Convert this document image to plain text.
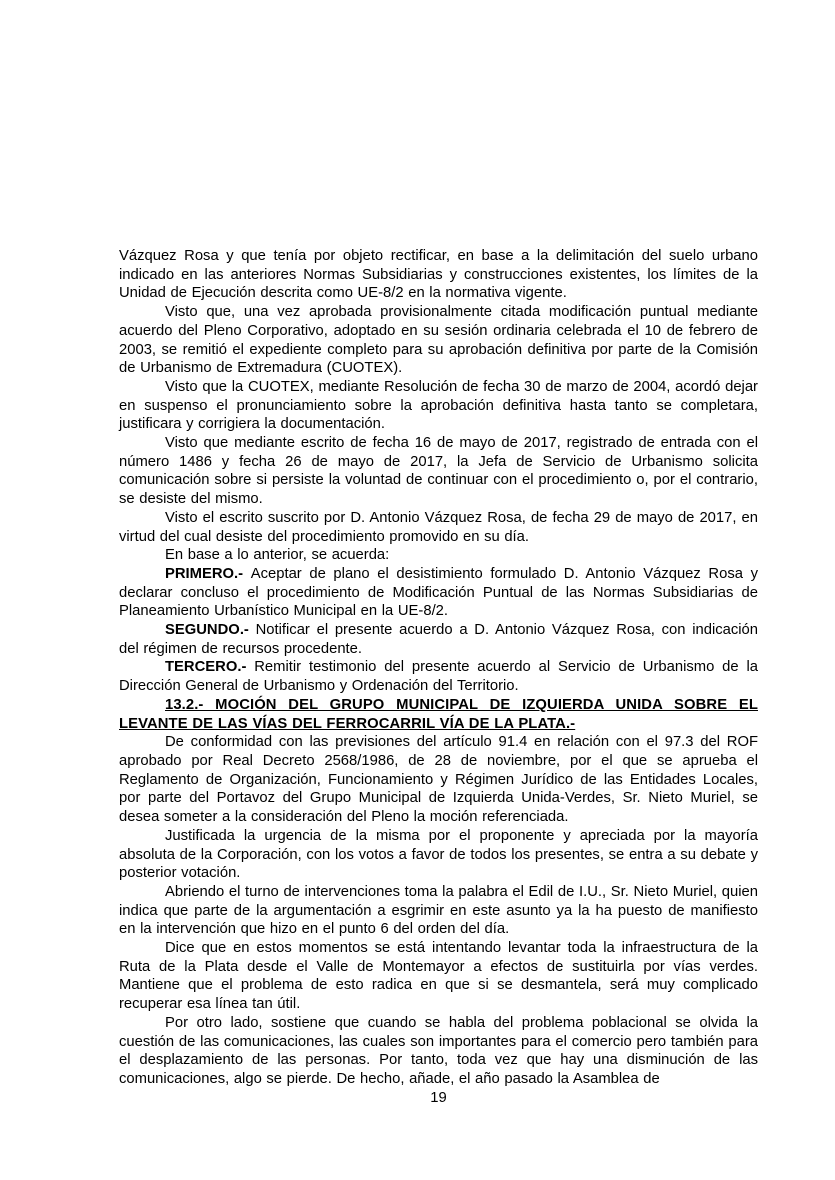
Vázquez Rosa y que tenía por objeto rectificar, en base a la delimitación del suelo urbano indicado en las anteriores Normas Subsidiarias y construcciones existentes, los límites de la Unidad de Ejecución descrita como UE-8/2 en la normativa vigente.

Visto que, una vez aprobada provisionalmente citada modificación puntual mediante acuerdo del Pleno Corporativo, adoptado en su sesión ordinaria celebrada el 10 de febrero de 2003, se remitió el expediente completo para su aprobación definitiva por parte de la Comisión de Urbanismo de Extremadura (CUOTEX).

Visto que la CUOTEX, mediante Resolución de fecha 30 de marzo de 2004, acordó dejar en suspenso el pronunciamiento sobre la aprobación definitiva hasta tanto se completara, justificara y corrigiera la documentación.

Visto que mediante escrito de fecha 16 de mayo de 2017, registrado de entrada con el número 1486 y fecha 26 de mayo de 2017, la Jefa de Servicio de Urbanismo solicita comunicación sobre si persiste la voluntad de continuar con el procedimiento o, por el contrario, se desiste del mismo.

Visto el escrito suscrito por D. Antonio Vázquez Rosa, de fecha 29 de mayo de 2017, en virtud del cual desiste del procedimiento promovido en su día.

En base a lo anterior, se acuerda:

PRIMERO.- Aceptar de plano el desistimiento formulado D. Antonio Vázquez Rosa y declarar concluso el procedimiento de Modificación Puntual de las Normas Subsidiarias de Planeamiento Urbanístico Municipal en la UE-8/2.

SEGUNDO.- Notificar el presente acuerdo a D. Antonio Vázquez Rosa, con indicación del régimen de recursos procedente.

TERCERO.- Remitir testimonio del presente acuerdo al Servicio de Urbanismo de la Dirección General de Urbanismo y Ordenación del Territorio.

13.2.- MOCIÓN DEL GRUPO MUNICIPAL DE IZQUIERDA UNIDA SOBRE EL LEVANTE DE LAS VÍAS DEL FERROCARRIL VÍA DE LA PLATA.-

De conformidad con las previsiones del artículo 91.4 en relación con el 97.3 del ROF aprobado por Real Decreto 2568/1986, de 28 de noviembre, por el que se aprueba el Reglamento de Organización, Funcionamiento y Régimen Jurídico de las Entidades Locales, por parte del Portavoz del Grupo Municipal de Izquierda Unida-Verdes, Sr. Nieto Muriel, se desea someter a la consideración del Pleno la moción referenciada.

Justificada la urgencia de la misma por el proponente y apreciada por la mayoría absoluta de la Corporación, con los votos a favor de todos los presentes, se entra a su debate y posterior votación.

Abriendo el turno de intervenciones toma la palabra el Edil de I.U., Sr. Nieto Muriel, quien indica que parte de la argumentación a esgrimir en este asunto ya la ha puesto de manifiesto en la intervención que hizo en el punto 6 del orden del día.

Dice que en estos momentos se está intentando levantar toda la infraestructura de la Ruta de la Plata desde el Valle de Montemayor a efectos de sustituirla por vías verdes. Mantiene que el problema de esto radica en que si se desmantela, será muy complicado recuperar esa línea tan útil.

Por otro lado, sostiene que cuando se habla del problema poblacional se olvida la cuestión de las comunicaciones, las cuales son importantes para el comercio pero también para el desplazamiento de las personas. Por tanto, toda vez que hay una disminución de las comunicaciones, algo se pierde. De hecho, añade, el año pasado la Asamblea de

19
